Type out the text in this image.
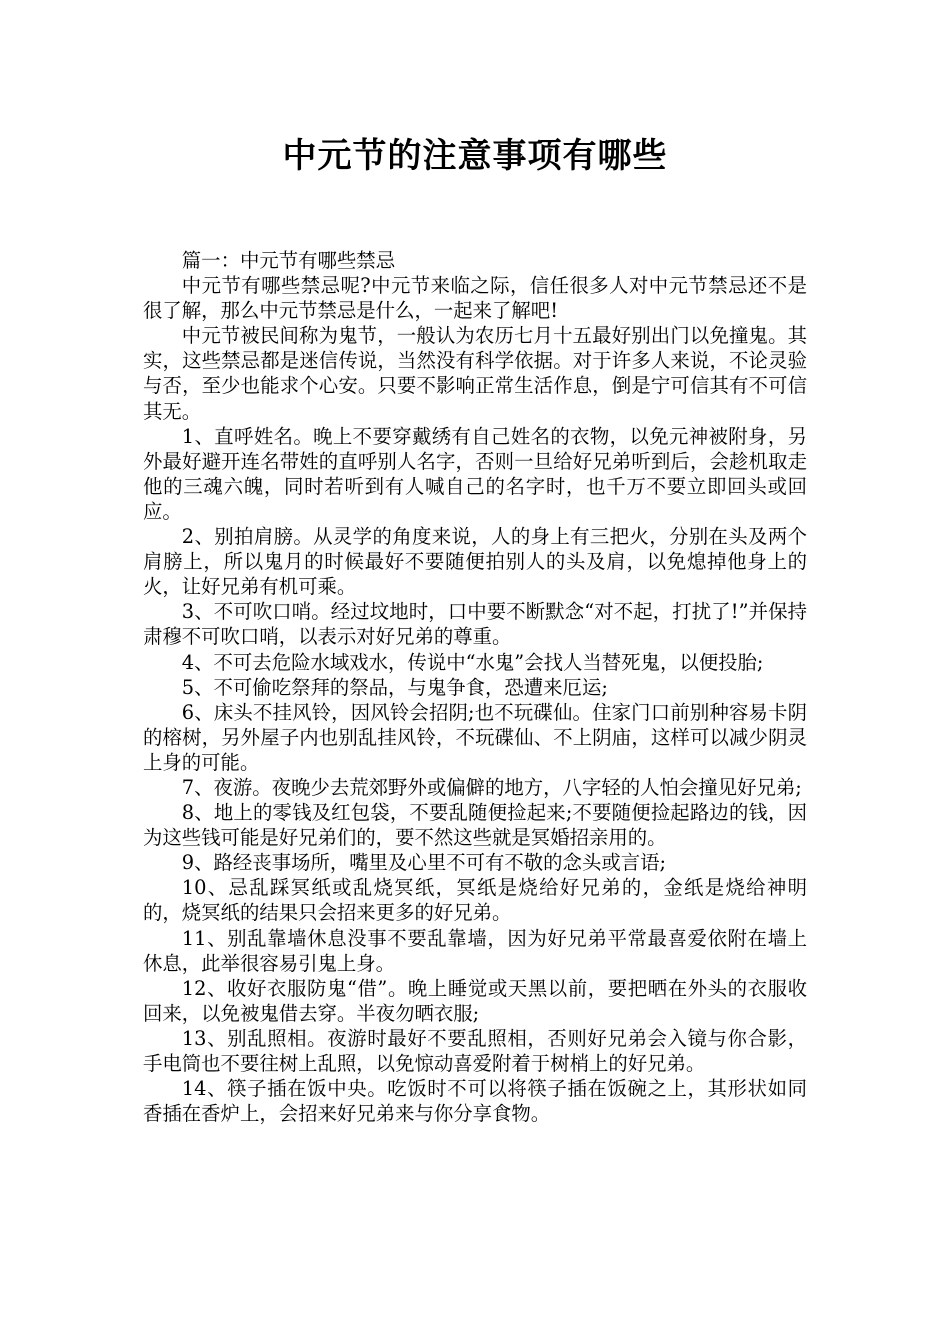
中元节的注意事项有哪些

篇一：中元节有哪些禁忌

中元节有哪些禁忌呢?中元节来临之际，信任很多人对中元节禁忌还不是很了解，那么中元节禁忌是什么，一起来了解吧!

中元节被民间称为鬼节，一般认为农历七月十五最好别出门以免撞鬼。其实，这些禁忌都是迷信传说，当然没有科学依据。对于许多人来说，不论灵验与否，至少也能求个心安。只要不影响正常生活作息，倒是宁可信其有不可信其无。

1、直呼姓名。晚上不要穿戴绣有自己姓名的衣物，以免元神被附身，另外最好避开连名带姓的直呼别人名字，否则一旦给好兄弟听到后，会趁机取走他的三魂六魄，同时若听到有人喊自己的名字时，也千万不要立即回头或回应。

2、别拍肩膀。从灵学的角度来说，人的身上有三把火，分别在头及两个肩膀上，所以鬼月的时候最好不要随便拍别人的头及肩，以免熄掉他身上的火，让好兄弟有机可乘。

3、不可吹口哨。经过坟地时，口中要不断默念“对不起，打扰了!”并保持肃穆不可吹口哨，以表示对好兄弟的尊重。

4、不可去危险水域戏水，传说中“水鬼”会找人当替死鬼，以便投胎;

5、不可偷吃祭拜的祭品，与鬼争食，恐遭来厄运;

6、床头不挂风铃，因风铃会招阴;也不玩碟仙。住家门口前别种容易卡阴的榕树，另外屋子内也别乱挂风铃，不玩碟仙、不上阴庙，这样可以减少阴灵上身的可能。

7、夜游。夜晚少去荒郊野外或偏僻的地方，八字轻的人怕会撞见好兄弟;

8、地上的零钱及红包袋，不要乱随便捡起来;不要随便捡起路边的钱，因为这些钱可能是好兄弟们的，要不然这些就是冥婚招亲用的。

9、路经丧事场所，嘴里及心里不可有不敬的念头或言语;

10、忌乱踩冥纸或乱烧冥纸，冥纸是烧给好兄弟的，金纸是烧给神明的，烧冥纸的结果只会招来更多的好兄弟。

11、别乱靠墙休息没事不要乱靠墙，因为好兄弟平常最喜爱依附在墙上休息，此举很容易引鬼上身。

12、收好衣服防鬼“借”。晚上睡觉或天黑以前，要把晒在外头的衣服收回来，以免被鬼借去穿。半夜勿晒衣服;

13、别乱照相。夜游时最好不要乱照相，否则好兄弟会入镜与你合影，手电筒也不要往树上乱照，以免惊动喜爱附着于树梢上的好兄弟。

14、筷子插在饭中央。吃饭时不可以将筷子插在饭碗之上，其形状如同香插在香炉上，会招来好兄弟来与你分享食物。
